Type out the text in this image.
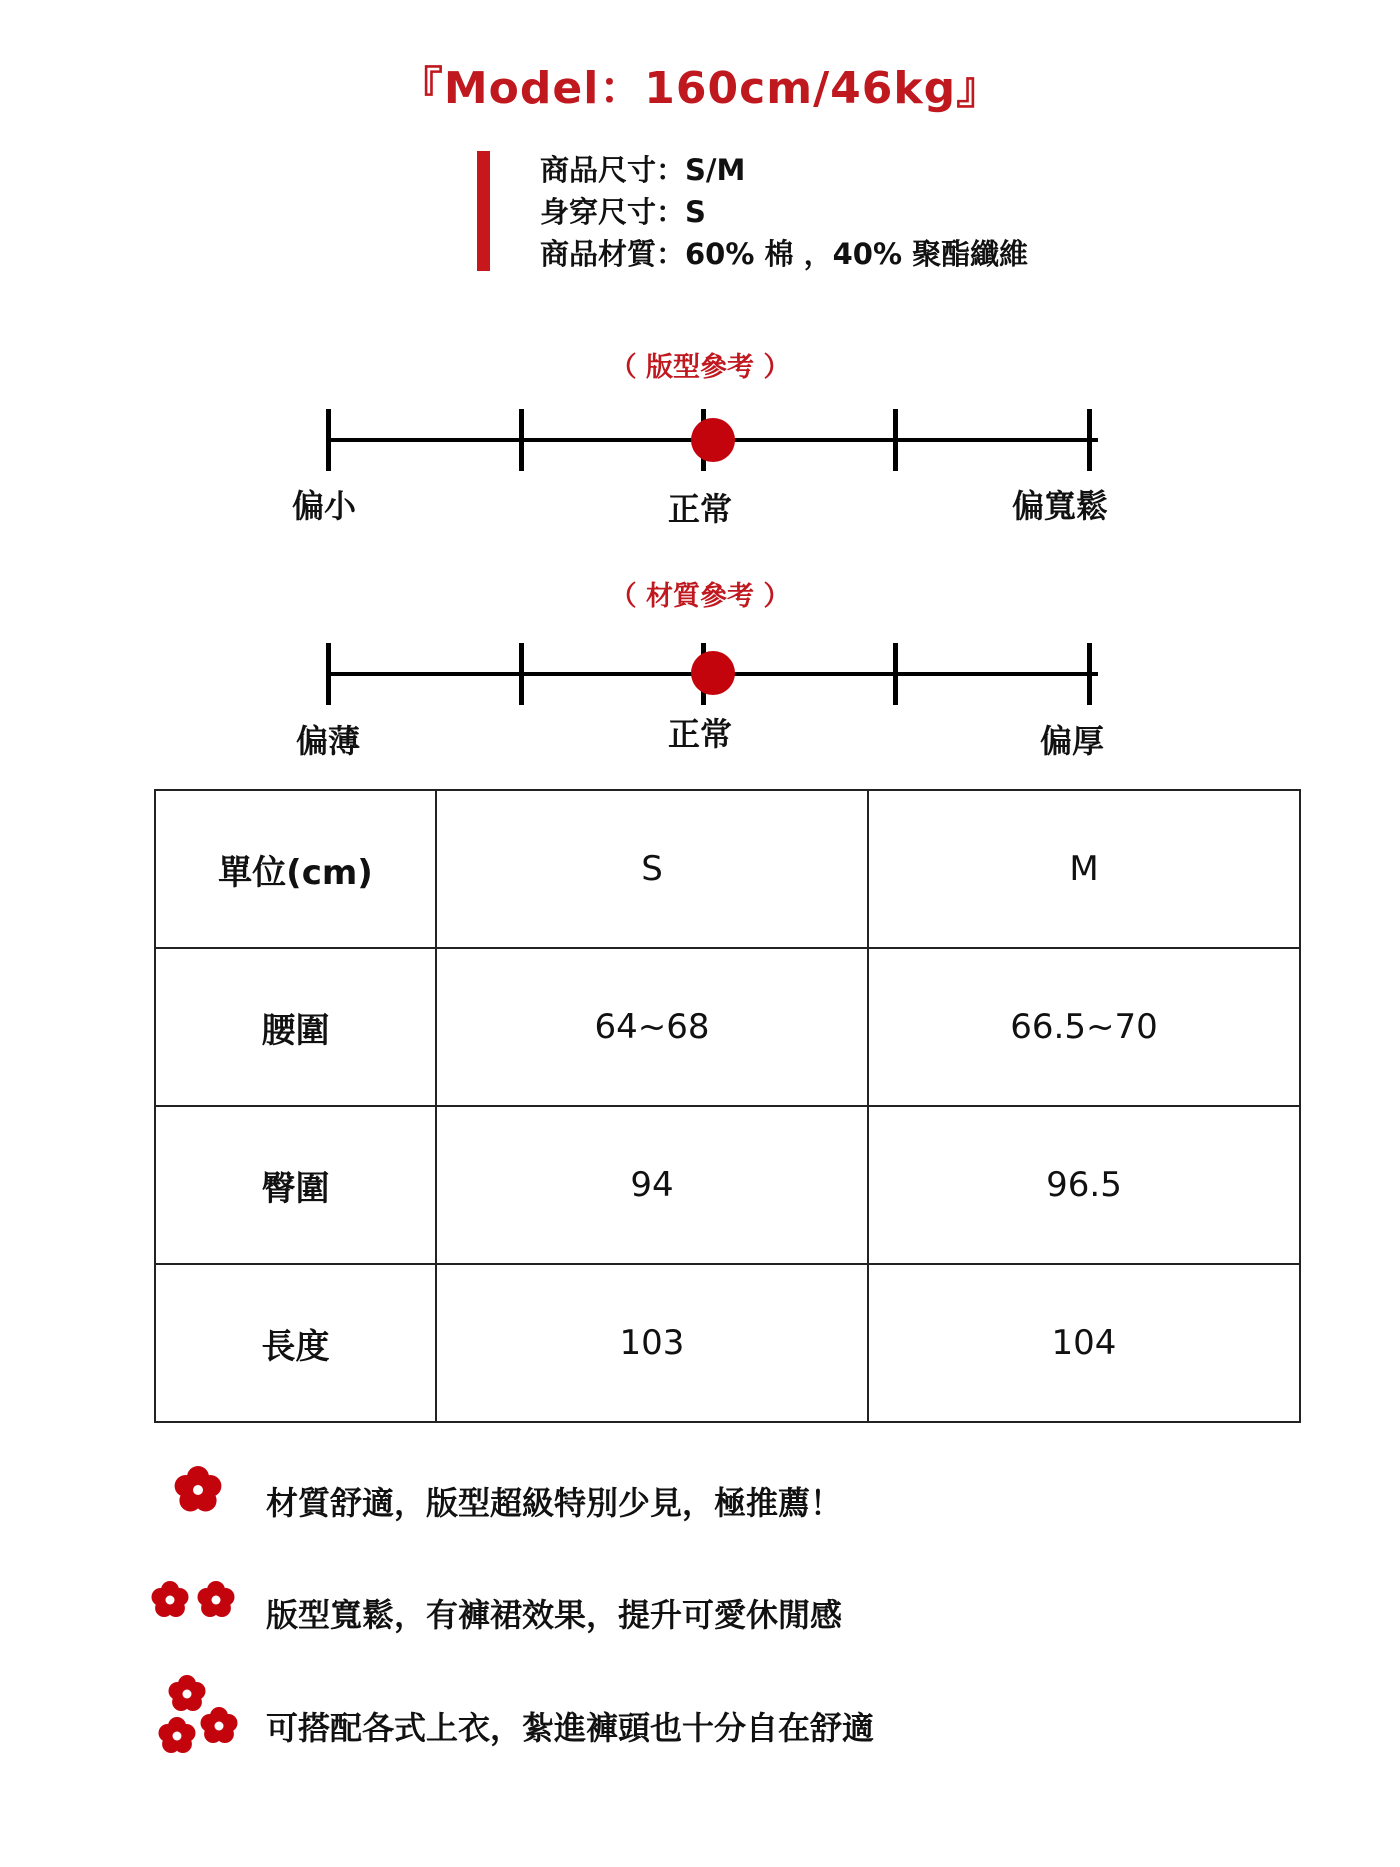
『Model：160cm/46kg』
商品尺寸：S/M
身穿尺寸：S
商品材質：60% 棉 ，40% 聚酯纖維
（ 版型參考 ）
偏小	正常	偏寬鬆
（ 材質參考 ）
偏薄	正常	偏厚
單位(cm)	S	M
腰圍	64~68	66.5~70
臀圍	94	96.5
長度	103	104
材質舒適，版型超級特別少見，極推薦！
版型寬鬆，有褲裙效果，提升可愛休閒感
可搭配各式上衣，紮進褲頭也十分自在舒適
